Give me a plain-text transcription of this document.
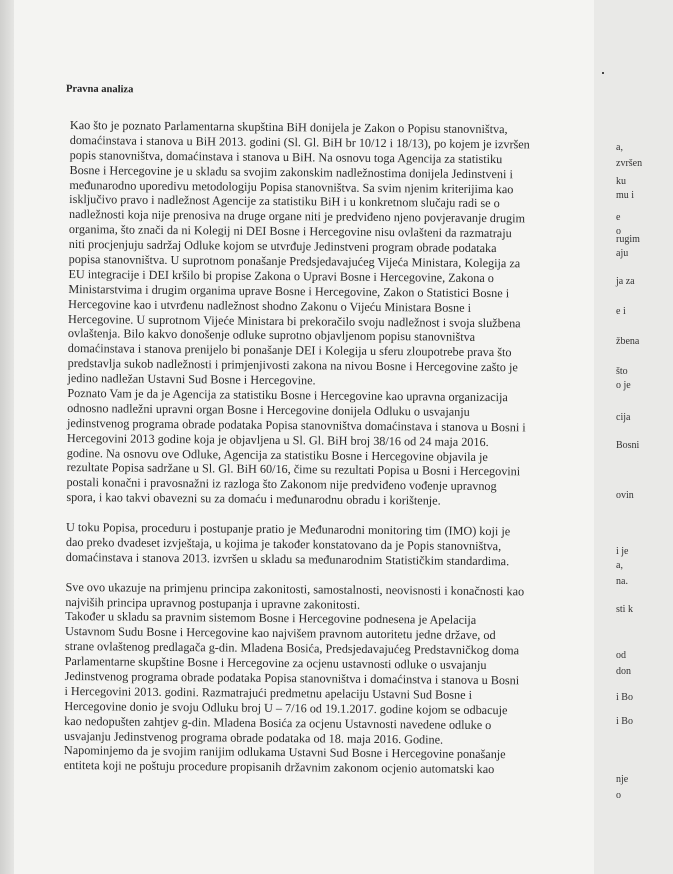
Pravna analiza
Kao što je poznato Parlamentarna skupština BiH donijela je Zakon o Popisu stanovništva,
domaćinstava i stanova u BiH 2013. godini (Sl. Gl. BiH br 10/12 i 18/13), po kojem je izvršen
popis stanovništva, domaćinstava i stanova u BiH. Na osnovu toga Agencija za statistiku
Bosne i Hercegovine je u skladu sa svojim zakonskim nadležnostima donijela Jedinstveni i
međunarodno uporedivu metodologiju Popisa stanovništva. Sa svim njenim kriterijima kao
isključivo pravo i nadležnost Agencije za statistiku BiH i u konkretnom slučaju radi se o
nadležnosti koja nije prenosiva na druge organe niti je predviđeno njeno povjeravanje drugim
organima, što znači da ni Kolegij ni DEI Bosne i Hercegovine nisu ovlašteni da razmatraju
niti procjenjuju sadržaj Odluke kojom se utvrđuje Jedinstveni program obrade podataka
popisa stanovništva. U suprotnom ponašanje Predsjedavajućeg Vijeća Ministara, Kolegija za
EU integracije i DEI kršilo bi propise Zakona o Upravi Bosne i Hercegovine, Zakona o
Ministarstvima i drugim organima uprave Bosne i Hercegovine, Zakon o Statistici Bosne i
Hercegovine kao i utvrđenu nadležnost shodno Zakonu o Vijeću Ministara Bosne i
Hercegovine. U suprotnom Vijeće Ministara bi prekoračilo svoju nadležnost i svoja službena
ovlaštenja. Bilo kakvo donošenje odluke suprotno objavljenom popisu stanovništva
domaćinstava i stanova prenijelo bi ponašanje DEI i Kolegija u sferu zloupotrebe prava što
predstavlja sukob nadležnosti i primjenjivosti zakona na nivou Bosne i Hercegovine zašto je
jedino nadležan Ustavni Sud Bosne i Hercegovine.
Poznato Vam je da je Agencija za statistiku Bosne i Hercegovine kao upravna organizacija
odnosno nadležni upravni organ Bosne i Hercegovine donijela Odluku o usvajanju
jedinstvenog programa obrade podataka Popisa stanovništva domaćinstava i stanova u Bosni i
Hercegovini 2013 godine koja je objavljena u Sl. Gl. BiH broj 38/16 od 24 maja 2016.
godine. Na osnovu ove Odluke, Agencija za statistiku Bosne i Hercegovine objavila je
rezultate Popisa sadržane u Sl. Gl. BiH 60/16, čime su rezultati Popisa u Bosni i Hercegovini
postali konačni i pravosnažni iz razloga što Zakonom nije predviđeno vođenje upravnog
spora, i kao takvi obavezni su za domaću i međunarodnu obradu i korištenje.
U toku Popisa, proceduru i postupanje pratio je Međunarodni monitoring tim (IMO) koji je
dao preko dvadeset izvještaja, u kojima je također konstatovano da je Popis stanovništva,
domaćinstava i stanova 2013. izvršen u skladu sa međunarodnim Statističkim standardima.
Sve ovo ukazuje na primjenu principa zakonitosti, samostalnosti, neovisnosti i konačnosti kao
najviših principa upravnog postupanja i upravne zakonitosti.
Također u skladu sa pravnim sistemom Bosne i Hercegovine podnesena je Apelacija
Ustavnom Sudu Bosne i Hercegovine kao najvišem pravnom autoritetu jedne države, od
strane ovlaštenog predlagača g-din. Mladena Bosića, Predsjedavajućeg Predstavničkog doma
Parlamentarne skupštine Bosne i Hercegovine za ocjenu ustavnosti odluke o usvajanju
Jedinstvenog programa obrade podataka Popisa stanovništva i domaćinstva i stanova u Bosni
i Hercegovini 2013. godini. Razmatrajući predmetnu apelaciju Ustavni Sud Bosne i
Hercegovine donio je svoju Odluku broj U – 7/16 od 19.1.2017. godine kojom se odbacuje
kao nedopušten zahtjev g-din. Mladena Bosića za ocjenu Ustavnosti navedene odluke o
usvajanju Jedinstvenog programa obrade podataka od 18. maja 2016. Godine.
Napominjemo da je svojim ranijim odlukama Ustavni Sud Bosne i Hercegovine ponašanje
entiteta koji ne poštuju procedure propisanih državnim zakonom ocjenio automatski kao
a,
zvršen
ku
mu i
e
o
rugim
aju
ja za
e i
žbena
što
o je
cija
Bosni
ovin
i je
a,
na.
sti k
od
don
i Bo
i Bo
nje
o
